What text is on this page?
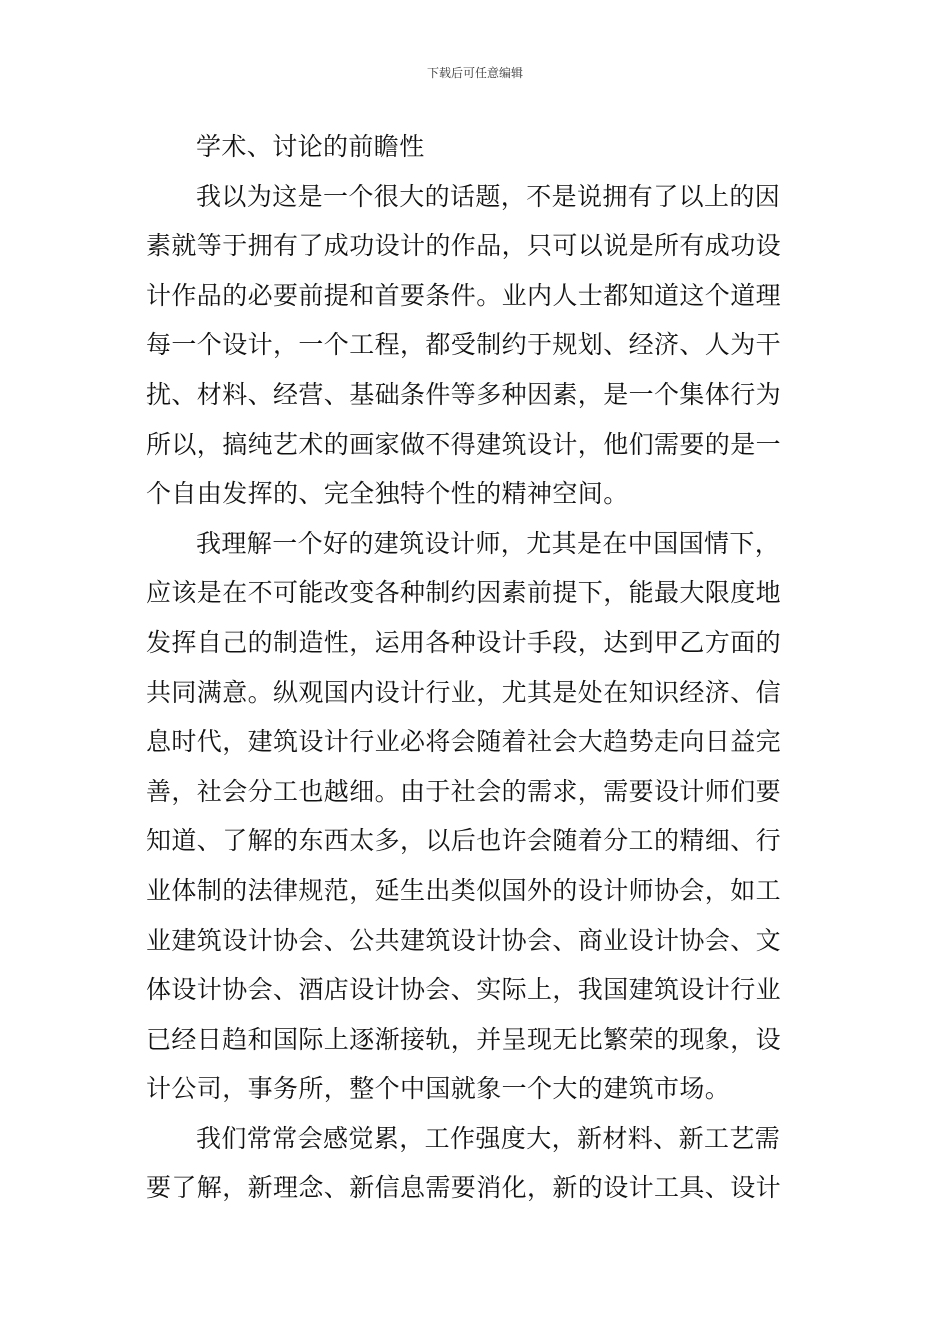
下载后可任意编辑
学术、讨论的前瞻性
我以为这是一个很大的话题，不是说拥有了以上的因
素就等于拥有了成功设计的作品，只可以说是所有成功设
计作品的必要前提和首要条件。业内人士都知道这个道理
每一个设计，一个工程，都受制约于规划、经济、人为干
扰、材料、经营、基础条件等多种因素，是一个集体行为
所以，搞纯艺术的画家做不得建筑设计，他们需要的是一
个自由发挥的、完全独特个性的精神空间。
我理解一个好的建筑设计师，尤其是在中国国情下，
应该是在不可能改变各种制约因素前提下，能最大限度地
发挥自己的制造性，运用各种设计手段，达到甲乙方面的
共同满意。纵观国内设计行业，尤其是处在知识经济、信
息时代，建筑设计行业必将会随着社会大趋势走向日益完
善，社会分工也越细。由于社会的需求，需要设计师们要
知道、了解的东西太多，以后也许会随着分工的精细、行
业体制的法律规范，延生出类似国外的设计师协会，如工
业建筑设计协会、公共建筑设计协会、商业设计协会、文
体设计协会、酒店设计协会、实际上，我国建筑设计行业
已经日趋和国际上逐渐接轨，并呈现无比繁荣的现象，设
计公司，事务所，整个中国就象一个大的建筑市场。
我们常常会感觉累，工作强度大，新材料、新工艺需
要了解，新理念、新信息需要消化，新的设计工具、设计
